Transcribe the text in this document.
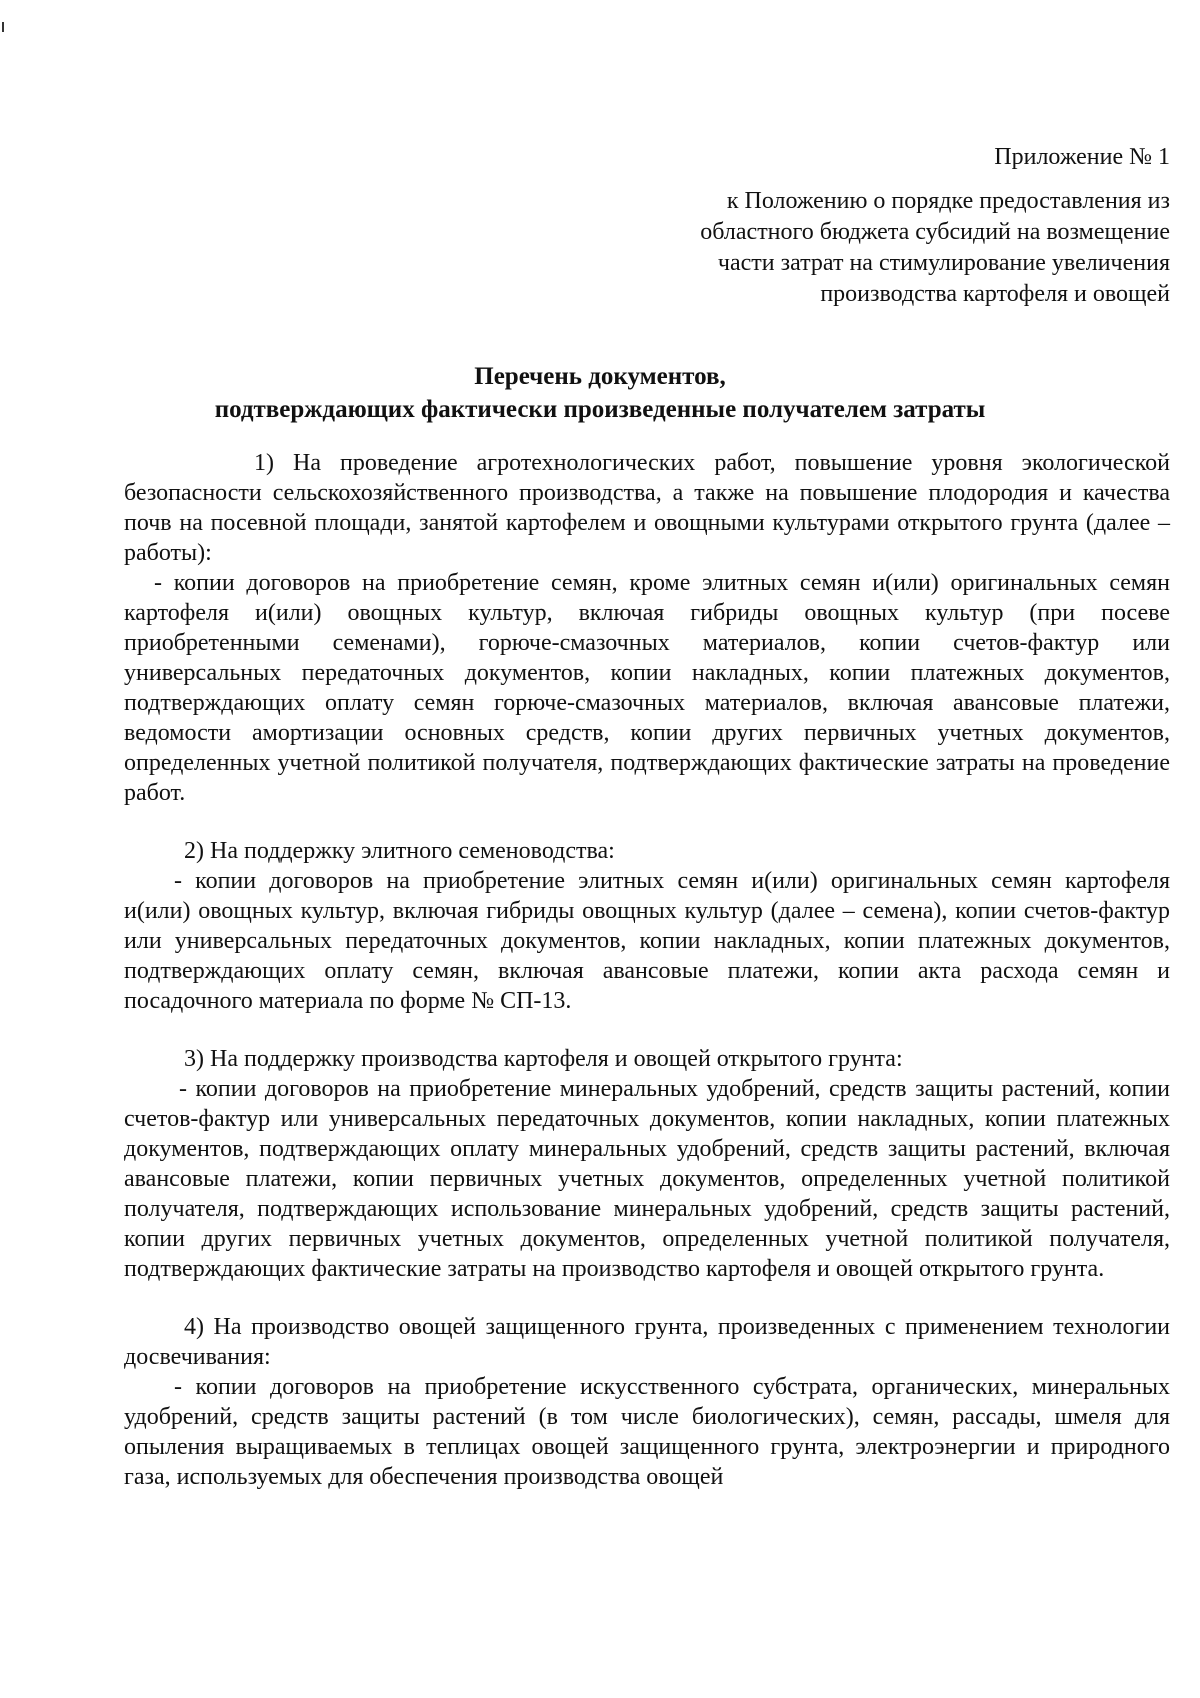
Приложение № 1

к Положению о порядке предоставления из

областного бюджета субсидий на возмещение

части затрат на стимулирование увеличения

производства картофеля и овощей

Перечень документов,

подтверждающих фактически произведенные получателем затраты

1) На проведение агротехнологических работ, повышение уровня экологической безопасности сельскохозяйственного производства, а также на повышение плодородия и качества почв на посевной площади, занятой картофелем и овощными культурами открытого грунта (далее – работы):

- копии договоров на приобретение семян, кроме элитных семян и(или) оригинальных семян картофеля и(или) овощных культур, включая гибриды овощных культур (при посеве приобретенными семенами), горюче-смазочных материалов, копии счетов-фактур или универсальных передаточных документов, копии накладных, копии платежных документов, подтверждающих оплату семян горюче-смазочных материалов, включая авансовые платежи, ведомости амортизации основных средств, копии других первичных учетных документов, определенных учетной политикой получателя, подтверждающих фактические затраты на проведение работ.

2) На поддержку элитного семеноводства:

- копии договоров на приобретение элитных семян и(или) оригинальных семян картофеля и(или) овощных культур, включая гибриды овощных культур (далее – семена), копии счетов-фактур или универсальных передаточных документов, копии накладных, копии платежных документов, подтверждающих оплату семян, включая авансовые платежи, копии акта расхода семян и посадочного материала по форме № СП-13.

3) На поддержку производства картофеля и овощей открытого грунта:

- копии договоров на приобретение минеральных удобрений, средств защиты растений, копии счетов-фактур или универсальных передаточных документов, копии накладных, копии платежных документов, подтверждающих оплату минеральных удобрений, средств защиты растений, включая авансовые платежи, копии первичных учетных документов, определенных учетной политикой получателя, подтверждающих использование минеральных удобрений, средств защиты растений, копии других первичных учетных документов, определенных учетной политикой получателя, подтверждающих фактические затраты на производство картофеля и овощей открытого грунта.

4) На производство овощей защищенного грунта, произведенных с применением технологии досвечивания:

- копии договоров на приобретение искусственного субстрата, органических, минеральных удобрений, средств защиты растений (в том числе биологических), семян, рассады, шмеля для опыления выращиваемых в теплицах овощей защищенного грунта, электроэнергии и природного газа, используемых для обеспечения производства овощей
